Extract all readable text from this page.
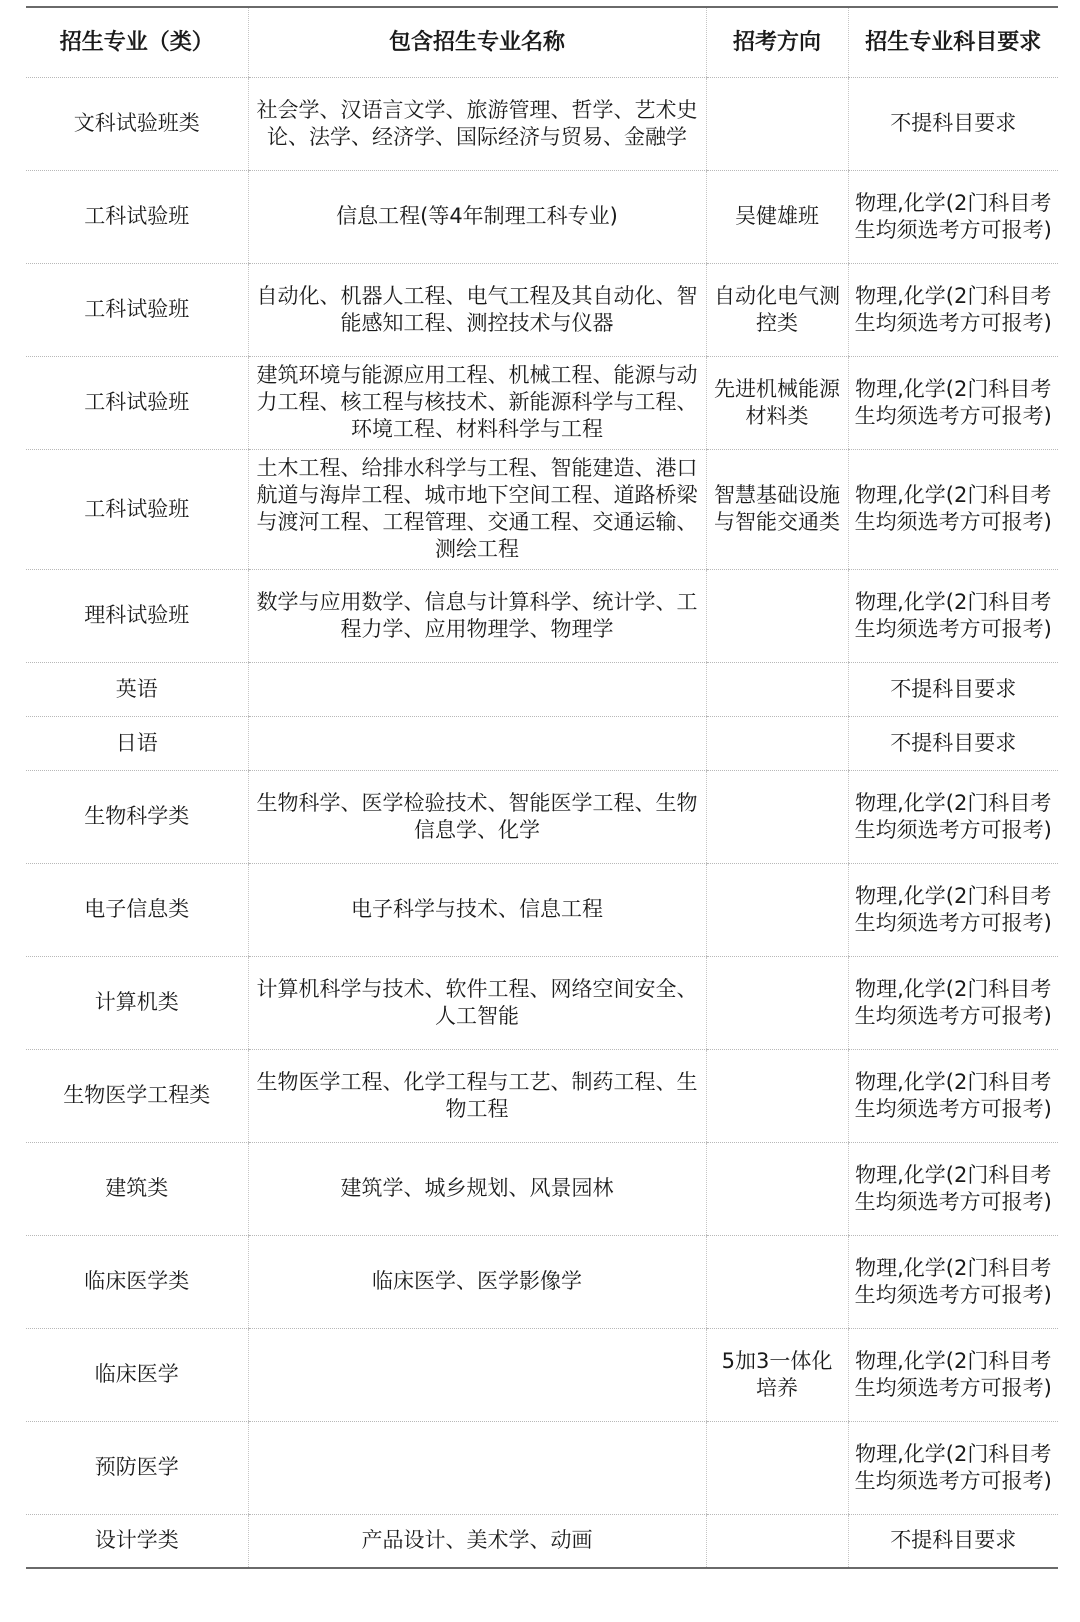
招生专业（类）	包含招生专业名称	招考方向	招生专业科目要求
文科试验班类	社会学、汉语言文学、旅游管理、哲学、艺术史论、法学、经济学、国际经济与贸易、金融学		不提科目要求
工科试验班	信息工程(等4年制理工科专业)	吴健雄班	物理,化学(2门科目考生均须选考方可报考)
工科试验班	自动化、机器人工程、电气工程及其自动化、智能感知工程、测控技术与仪器	自动化电气测控类	物理,化学(2门科目考生均须选考方可报考)
工科试验班	建筑环境与能源应用工程、机械工程、能源与动力工程、核工程与核技术、新能源科学与工程、环境工程、材料科学与工程	先进机械能源材料类	物理,化学(2门科目考生均须选考方可报考)
工科试验班	土木工程、给排水科学与工程、智能建造、港口航道与海岸工程、城市地下空间工程、道路桥梁与渡河工程、工程管理、交通工程、交通运输、测绘工程	智慧基础设施与智能交通类	物理,化学(2门科目考生均须选考方可报考)
理科试验班	数学与应用数学、信息与计算科学、统计学、工程力学、应用物理学、物理学		物理,化学(2门科目考生均须选考方可报考)
英语			不提科目要求
日语			不提科目要求
生物科学类	生物科学、医学检验技术、智能医学工程、生物信息学、化学		物理,化学(2门科目考生均须选考方可报考)
电子信息类	电子科学与技术、信息工程		物理,化学(2门科目考生均须选考方可报考)
计算机类	计算机科学与技术、软件工程、网络空间安全、人工智能		物理,化学(2门科目考生均须选考方可报考)
生物医学工程类	生物医学工程、化学工程与工艺、制药工程、生物工程		物理,化学(2门科目考生均须选考方可报考)
建筑类	建筑学、城乡规划、风景园林		物理,化学(2门科目考生均须选考方可报考)
临床医学类	临床医学、医学影像学		物理,化学(2门科目考生均须选考方可报考)
临床医学		5加3一体化培养	物理,化学(2门科目考生均须选考方可报考)
预防医学			物理,化学(2门科目考生均须选考方可报考)
设计学类	产品设计、美术学、动画		不提科目要求
